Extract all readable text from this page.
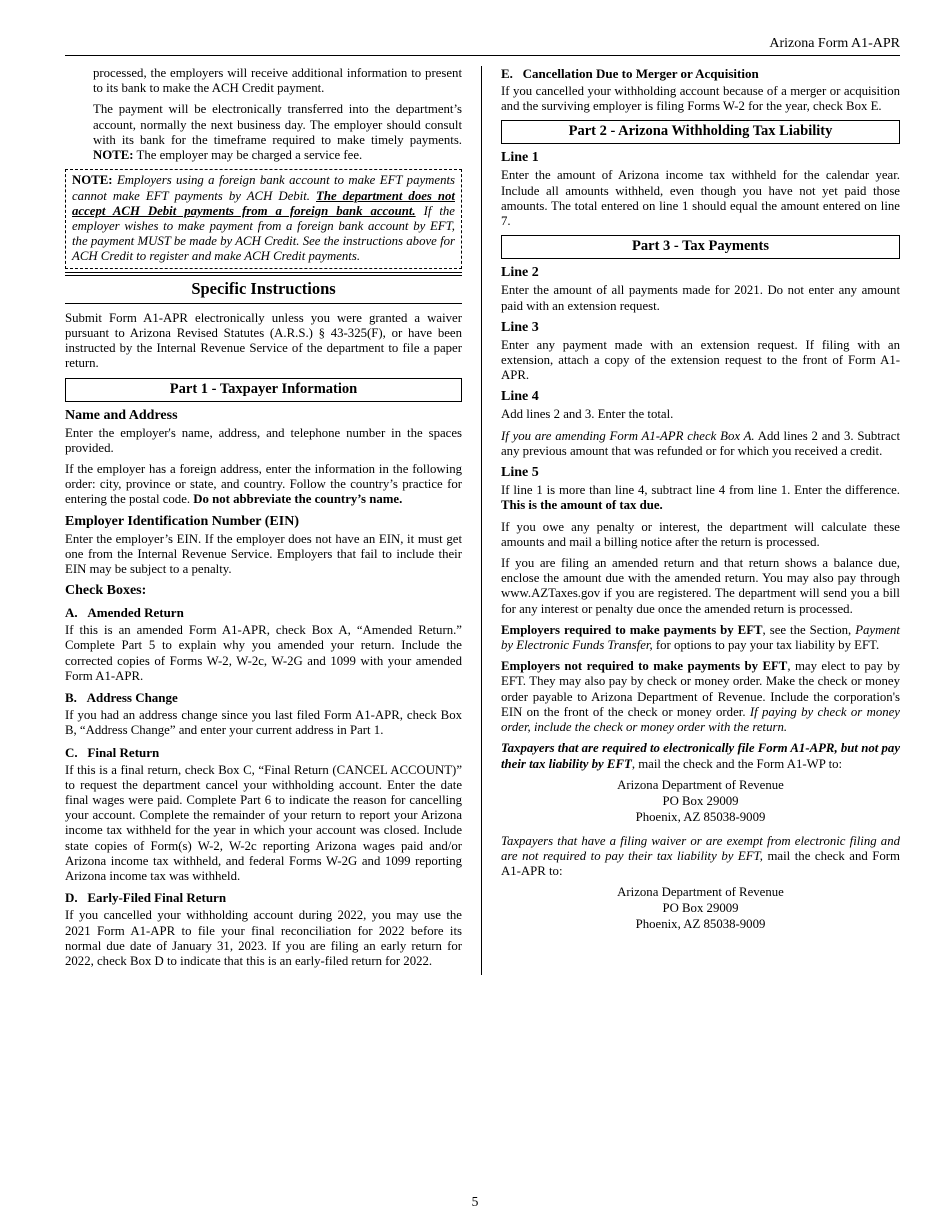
Arizona Form A1-APR

processed, the employers will receive additional information to present to its bank to make the ACH Credit payment.

The payment will be electronically transferred into the department’s account, normally the next business day. The employer should consult with its bank for the timeframe required to make timely payments. NOTE: The employer may be charged a service fee.

NOTE: Employers using a foreign bank account to make EFT payments cannot make EFT payments by ACH Debit. The department does not accept ACH Debit payments from a foreign bank account. If the employer wishes to make payment from a foreign bank account by EFT, the payment MUST be made by ACH Credit. See the instructions above for ACH Credit to register and make ACH Credit payments.
Specific Instructions

Submit Form A1-APR electronically unless you were granted a waiver pursuant to Arizona Revised Statutes (A.R.S.) § 43-325(F), or have been instructed by the Internal Revenue Service of the department to file a paper return.

Part 1 - Taxpayer Information
Name and Address

Enter the employer's name, address, and telephone number in the spaces provided.

If the employer has a foreign address, enter the information in the following order: city, province or state, and country. Follow the country’s practice for entering the postal code. Do not abbreviate the country’s name.

Employer Identification Number (EIN)

Enter the employer’s EIN. If the employer does not have an EIN, it must get one from the Internal Revenue Service. Employers that fail to include their EIN may be subject to a penalty.

Check Boxes:
A.   Amended Return

If this is an amended Form A1-APR, check Box A, “Amended Return.” Complete Part 5 to explain why you amended your return. Include the corrected copies of Forms W-2, W-2c, W-2G and 1099 with your amended Form A1-APR.

B.   Address Change

If you had an address change since you last filed Form A1-APR, check Box B, “Address Change” and enter your current address in Part 1.

C.   Final Return

If this is a final return, check Box C, “Final Return (CANCEL ACCOUNT)” to request the department cancel your withholding account. Enter the date final wages were paid. Complete Part 6 to indicate the reason for cancelling your account. Complete the remainder of your return to report your Arizona income tax withheld for the year in which your account was closed. Include state copies of Form(s) W-2, W-2c reporting Arizona wages paid and/or Arizona income tax withheld, and federal Forms W-2G and 1099 reporting Arizona income tax was withheld.

D.   Early-Filed Final Return

If you cancelled your withholding account during 2022, you may use the 2021 Form A1-APR to file your final reconciliation for 2022 before its normal due date of January 31, 2023. If you are filing an early return for 2022, check Box D to indicate that this is an early-filed return for 2022.

E.   Cancellation Due to Merger or Acquisition

If you cancelled your withholding account because of a merger or acquisition and the surviving employer is filing Forms W-2 for the year, check Box E.

Part 2 - Arizona Withholding Tax Liability
Line 1

Enter the amount of Arizona income tax withheld for the calendar year. Include all amounts withheld, even though you have not yet paid those amounts. The total entered on line 1 should equal the amount entered on line 7.

Part 3 - Tax Payments
Line 2

Enter the amount of all payments made for 2021. Do not enter any amount paid with an extension request.

Line 3

Enter any payment made with an extension request. If filing with an extension, attach a copy of the extension request to the front of Form A1-APR.

Line 4

Add lines 2 and 3. Enter the total.

If you are amending Form A1-APR check Box A. Add lines 2 and 3. Subtract any previous amount that was refunded or for which you received a credit.

Line 5

If line 1 is more than line 4, subtract line 4 from line 1. Enter the difference. This is the amount of tax due.

If you owe any penalty or interest, the department will calculate these amounts and mail a billing notice after the return is processed.

If you are filing an amended return and that return shows a balance due, enclose the amount due with the amended return. You may also pay through www.AZTaxes.gov if you are registered. The department will send you a bill for any interest or penalty due once the amended return is processed.

Employers required to make payments by EFT, see the Section, Payment by Electronic Funds Transfer, for options to pay your tax liability by EFT.

Employers not required to make payments by EFT, may elect to pay by EFT. They may also pay by check or money order. Make the check or money order payable to Arizona Department of Revenue. Include the corporation's EIN on the front of the check or money order. If paying by check or money order, include the check or money order with the return.

Taxpayers that are required to electronically file Form A1-APR, but not pay their tax liability by EFT, mail the check and the Form A1-WP to:

Arizona Department of Revenue
PO Box 29009
Phoenix, AZ 85038-9009

Taxpayers that have a filing waiver or are exempt from electronic filing and are not required to pay their tax liability by EFT, mail the check and Form A1-APR to:

Arizona Department of Revenue
PO Box 29009
Phoenix, AZ 85038-9009
5
